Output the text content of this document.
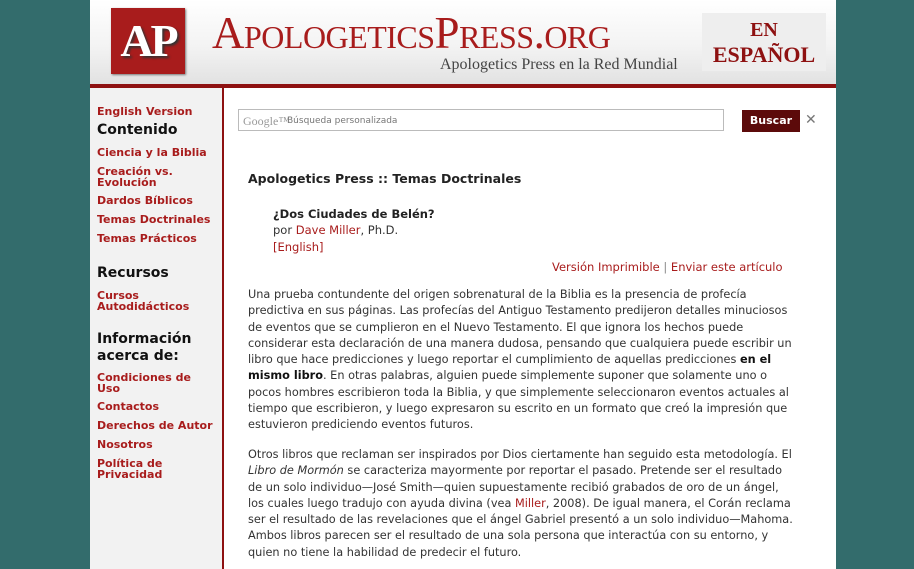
AP ApologeticsPress.org
Apologetics Press en la Red Mundial
EN
ESPAÑOL
English Version
Contenido
Ciencia y la Biblia
Creación vs. Evolución
Dardos Bíblicos
Temas Doctrinales
Temas Prácticos
Recursos
Cursos Autodidácticos
Información acerca de:
Condiciones de Uso
Contactos
Derechos de Autor
Nosotros
Política de Privacidad
Google™
Búsqueda personalizada	Buscar ✕
Apologetics Press :: Temas Doctrinales
¿Dos Ciudades de Belén?
por Dave Miller, Ph.D.
[English]
Versión Imprimible | Enviar este artículo
Una prueba contundente del origen sobrenatural de la Biblia es la presencia de profecía predictiva en sus páginas. Las profecías del Antiguo Testamento predijeron detalles minuciosos de eventos que se cumplieron en el Nuevo Testamento. El que ignora los hechos puede considerar esta declaración de una manera dudosa, pensando que cualquiera puede escribir un libro que hace predicciones y luego reportar el cumplimiento de aquellas predicciones en el mismo libro. En otras palabras, alguien puede simplemente suponer que solamente uno o pocos hombres escribieron toda la Biblia, y que simplemente seleccionaron eventos actuales al tiempo que escribieron, y luego expresaron su escrito en un formato que creó la impresión que estuvieron prediciendo eventos futuros.
Otros libros que reclaman ser inspirados por Dios ciertamente han seguido esta metodología. El Libro de Mormón se caracteriza mayormente por reportar el pasado. Pretende ser el resultado de un solo individuo—José Smith—quien supuestamente recibió grabados de oro de un ángel, los cuales luego tradujo con ayuda divina (vea Miller, 2008). De igual manera, el Corán reclama ser el resultado de las revelaciones que el ángel Gabriel presentó a un solo individuo—Mahoma. Ambos libros parecen ser el resultado de una sola persona que interactúa con su entorno, y quien no tiene la habilidad de predecir el futuro.
